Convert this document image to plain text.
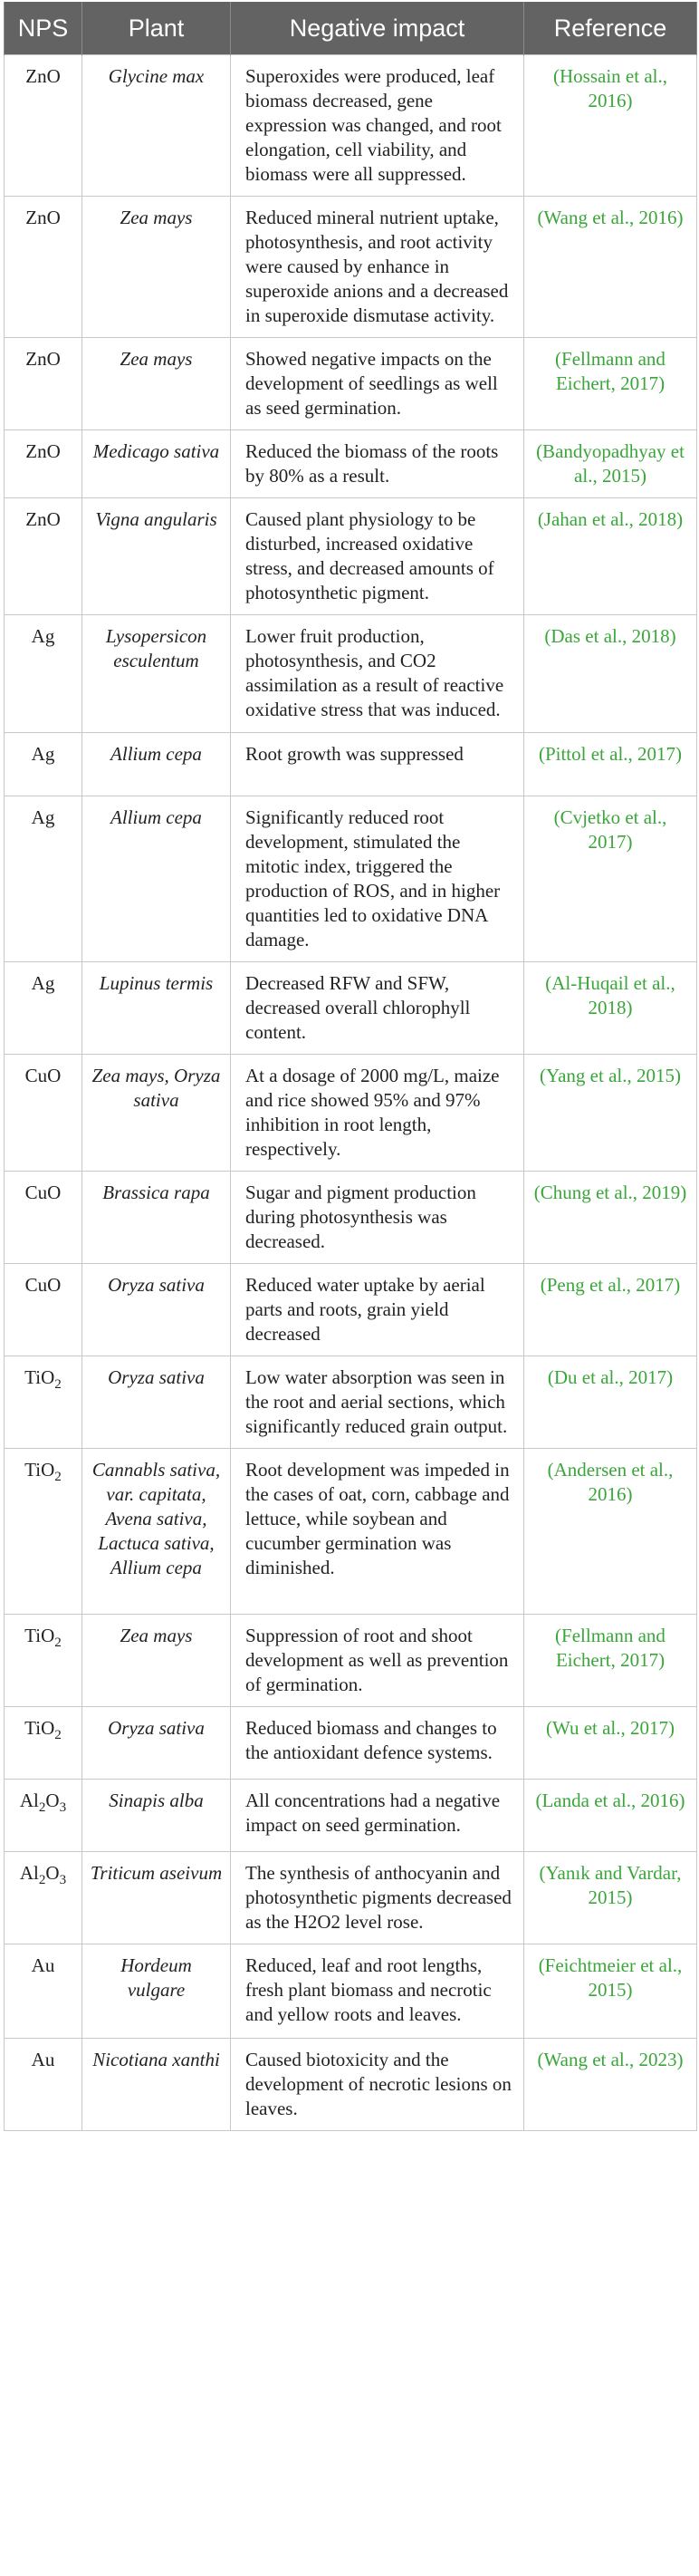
NPS	Plant	Negative impact	Reference
ZnO	Glycine max	Superoxides were produced, leaf biomass decreased, gene expression was changed, and root elongation, cell viability, and biomass were all suppressed.	(Hossain et al., 2016)
ZnO	Zea mays	Reduced mineral nutrient uptake, photosynthesis, and root activity were caused by enhance in superoxide anions and a decreased in superoxide dismutase activity.	(Wang et al., 2016)
ZnO	Zea mays	Showed negative impacts on the development of seedlings as well as seed germination.	(Fellmann and Eichert, 2017)
ZnO	Medicago sativa	Reduced the biomass of the roots by 80% as a result.	(Bandyopadhyay et al., 2015)
ZnO	Vigna angularis	Caused plant physiology to be disturbed, increased oxidative stress, and decreased amounts of photosynthetic pigment.	(Jahan et al., 2018)
Ag	Lysopersicon esculentum	Lower fruit production, photosynthesis, and CO2 assimilation as a result of reactive oxidative stress that was induced.	(Das et al., 2018)
Ag	Allium cepa	Root growth was suppressed	(Pittol et al., 2017)
Ag	Allium cepa	Significantly reduced root development, stimulated the mitotic index, triggered the production of ROS, and in higher quantities led to oxidative DNA damage.	(Cvjetko et al., 2017)
Ag	Lupinus termis	Decreased RFW and SFW, decreased overall chlorophyll content.	(Al-Huqail et al., 2018)
CuO	Zea mays, Oryza sativa	At a dosage of 2000 mg/L, maize and rice showed 95% and 97% inhibition in root length, respectively.	(Yang et al., 2015)
CuO	Brassica rapa	Sugar and pigment production during photosynthesis was decreased.	(Chung et al., 2019)
CuO	Oryza sativa	Reduced water uptake by aerial parts and roots, grain yield decreased	(Peng et al., 2017)
TiO$_2$	Oryza sativa	Low water absorption was seen in the root and aerial sections, which significantly reduced grain output.	(Du et al., 2017)
TiO$_2$	Cannabls sativa, var. capitata, Avena sativa, Lactuca sativa, Allium cepa	Root development was impeded in the cases of oat, corn, cabbage and lettuce, while soybean and cucumber germination was diminished.	(Andersen et al., 2016)
TiO$_2$	Zea mays	Suppression of root and shoot development as well as prevention of germination.	(Fellmann and Eichert, 2017)
TiO$_2$	Oryza sativa	Reduced biomass and changes to the antioxidant defence systems.	(Wu et al., 2017)
$Al_2O_3$	Sinapis alba	All concentrations had a negative impact on seed germination.	(Landa et al., 2016)
$Al_2O_3$	Triticum aseivum	The synthesis of anthocyanin and photosynthetic pigments decreased as the H2O2 level rose.	(Yanık and Vardar, 2015)
Au	Hordeum vulgare	Reduced, leaf and root lengths, fresh plant biomass and necrotic and yellow roots and leaves.	(Feichtmeier et al., 2015)
Au	Nicotiana xanthi	Caused biotoxicity and the development of necrotic lesions on leaves.	(Wang et al., 2023)
